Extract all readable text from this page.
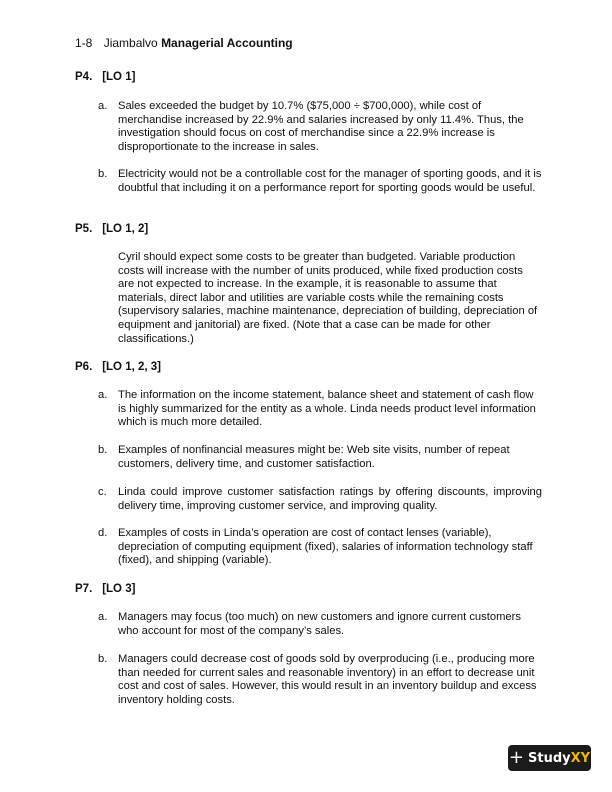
1-8 Jiambalvo Managerial Accounting
P4. [LO 1]
a. Sales exceeded the budget by 10.7% ($75,000 ÷ $700,000), while cost of merchandise increased by 22.9% and salaries increased by only 11.4%. Thus, the investigation should focus on cost of merchandise since a 22.9% increase is disproportionate to the increase in sales.
b. Electricity would not be a controllable cost for the manager of sporting goods, and it is doubtful that including it on a performance report for sporting goods would be useful.
P5. [LO 1, 2]
Cyril should expect some costs to be greater than budgeted. Variable production costs will increase with the number of units produced, while fixed production costs are not expected to increase. In the example, it is reasonable to assume that materials, direct labor and utilities are variable costs while the remaining costs (supervisory salaries, machine maintenance, depreciation of building, depreciation of equipment and janitorial) are fixed. (Note that a case can be made for other classifications.)
P6. [LO 1, 2, 3]
a. The information on the income statement, balance sheet and statement of cash flow is highly summarized for the entity as a whole. Linda needs product level information which is much more detailed.
b. Examples of nonfinancial measures might be: Web site visits, number of repeat customers, delivery time, and customer satisfaction.
c. Linda could improve customer satisfaction ratings by offering discounts, improving delivery time, improving customer service, and improving quality.
d. Examples of costs in Linda’s operation are cost of contact lenses (variable), depreciation of computing equipment (fixed), salaries of information technology staff (fixed), and shipping (variable).
P7. [LO 3]
a. Managers may focus (too much) on new customers and ignore current customers who account for most of the company’s sales.
b. Managers could decrease cost of goods sold by overproducing (i.e., producing more than needed for current sales and reasonable inventory) in an effort to decrease unit cost and cost of sales. However, this would result in an inventory buildup and excess inventory holding costs.
+ Study XY
